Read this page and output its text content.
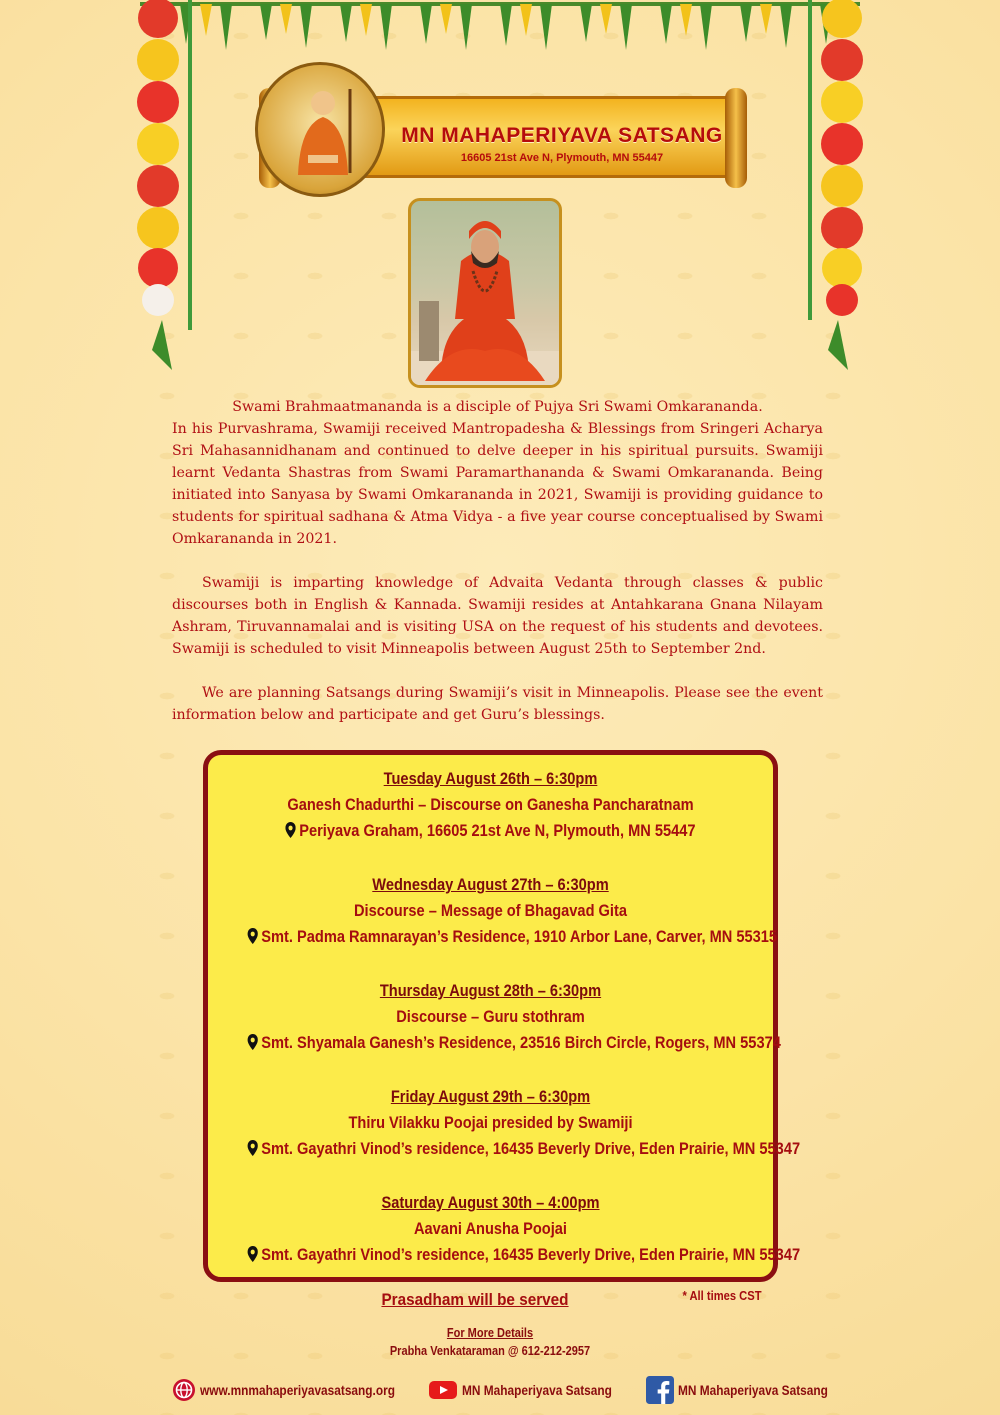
MN MAHAPERIYAVA SATSANG
16605 21st Ave N, Plymouth, MN 55447

Swami Brahmaatmananda is a disciple of Pujya Sri Swami Omkarananda.
In his Purvashrama, Swamiji received Mantropadesha & Blessings from Sringeri Acharya Sri Mahasannidhanam and continued to delve deeper in his spiritual pursuits. Swamiji learnt Vedanta Shastras from Swami Paramarthananda & Swami Omkarananda. Being initiated into Sanyasa by Swami Omkarananda in 2021, Swamiji is providing guidance to students for spiritual sadhana & Atma Vidya - a five year course conceptualised by Swami Omkarananda in 2021.

Swamiji is imparting knowledge of Advaita Vedanta through classes & public discourses both in English & Kannada. Swamiji resides at Antahkarana Gnana Nilayam Ashram, Tiruvannamalai and is visiting USA on the request of his students and devotees. Swamiji is scheduled to visit Minneapolis between August 25th to September 2nd.

We are planning Satsangs during Swamiji’s visit in Minneapolis. Please see the event information below and participate and get Guru’s blessings.

Tuesday August 26th – 6:30pm
Ganesh Chadurthi – Discourse on Ganesha Pancharatnam
Periyava Graham, 16605 21st Ave N, Plymouth, MN 55447
Wednesday August 27th – 6:30pm
Discourse – Message of Bhagavad Gita
Smt. Padma Ramnarayan’s Residence, 1910 Arbor Lane, Carver, MN 55315
Thursday August 28th – 6:30pm
Discourse – Guru stothram
Smt. Shyamala Ganesh’s Residence, 23516 Birch Circle, Rogers, MN 55374
Friday August 29th – 6:30pm
Thiru Vilakku Poojai presided by Swamiji
Smt. Gayathri Vinod’s residence, 16435 Beverly Drive, Eden Prairie, MN 55347
Saturday August 30th – 4:00pm
Aavani Anusha Poojai
Smt. Gayathri Vinod’s residence, 16435 Beverly Drive, Eden Prairie, MN 55347
Prasadham will be served	* All times CST
For More Details
Prabha Venkataraman @ 612-212-2957
www.mnmahaperiyavasatsang.org	MN Mahaperiyava Satsang	MN Mahaperiyava Satsang
